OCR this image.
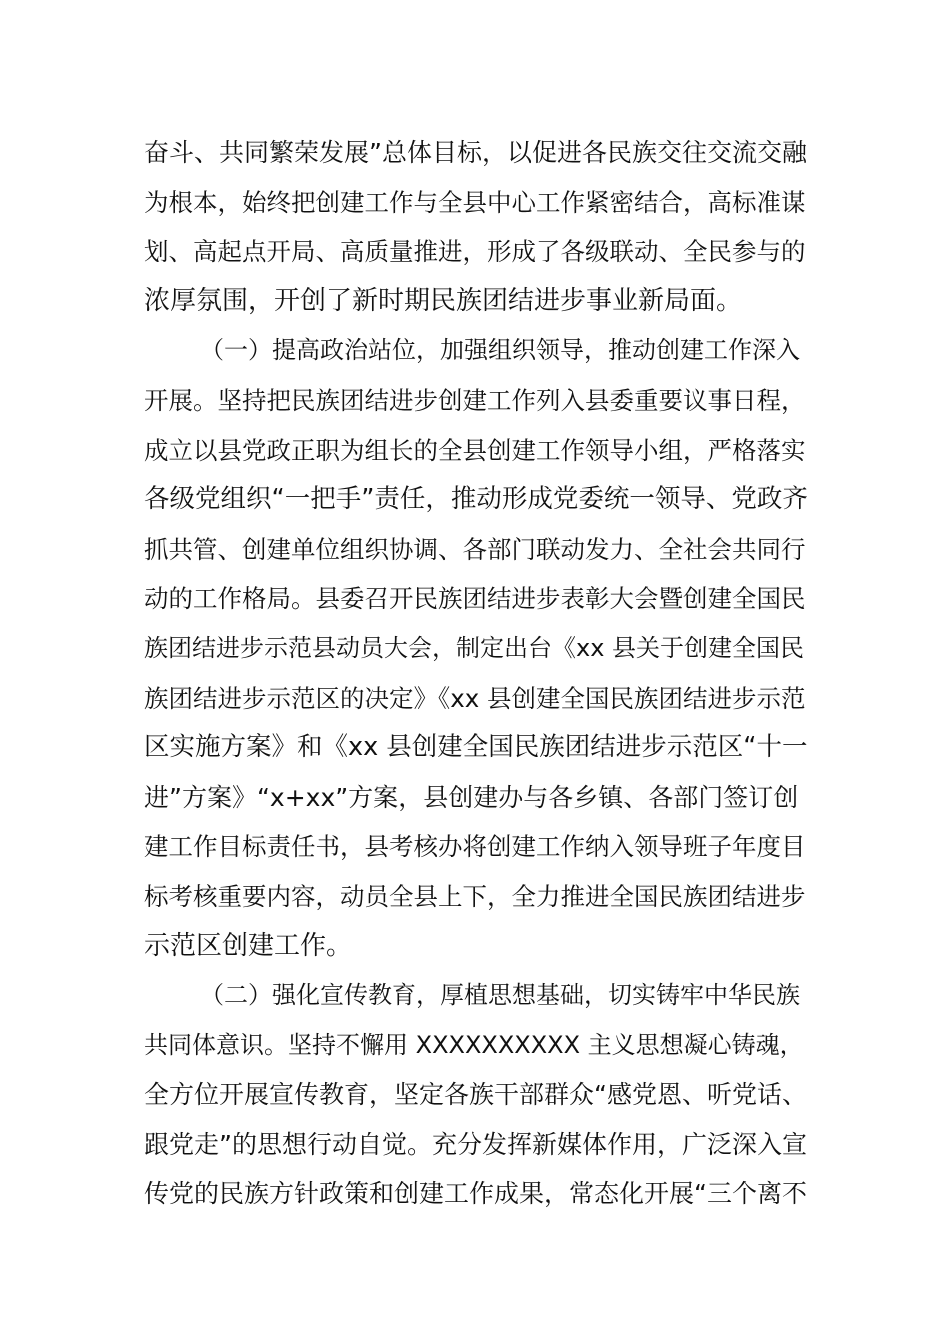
奋斗、共同繁荣发展”总体目标，以促进各民族交往交流交融
为根本，始终把创建工作与全县中心工作紧密结合，高标准谋
划、高起点开局、高质量推进，形成了各级联动、全民参与的
浓厚氛围，开创了新时期民族团结进步事业新局面。
（一）提高政治站位，加强组织领导，推动创建工作深入
开展。坚持把民族团结进步创建工作列入县委重要议事日程，
成立以县党政正职为组长的全县创建工作领导小组，严格落实
各级党组织“一把手”责任，推动形成党委统一领导、党政齐
抓共管、创建单位组织协调、各部门联动发力、全社会共同行
动的工作格局。县委召开民族团结进步表彰大会暨创建全国民
族团结进步示范县动员大会，制定出台《xx 县关于创建全国民
族团结进步示范区的决定》《xx 县创建全国民族团结进步示范
区实施方案》和《xx 县创建全国民族团结进步示范区“十一
进”方案》“x+xx”方案，县创建办与各乡镇、各部门签订创
建工作目标责任书，县考核办将创建工作纳入领导班子年度目
标考核重要内容，动员全县上下，全力推进全国民族团结进步
示范区创建工作。
（二）强化宣传教育，厚植思想基础，切实铸牢中华民族
共同体意识。坚持不懈用 XXXXXXXXXX 主义思想凝心铸魂，
全方位开展宣传教育，坚定各族干部群众“感党恩、听党话、
跟党走”的思想行动自觉。充分发挥新媒体作用，广泛深入宣
传党的民族方针政策和创建工作成果，常态化开展“三个离不
